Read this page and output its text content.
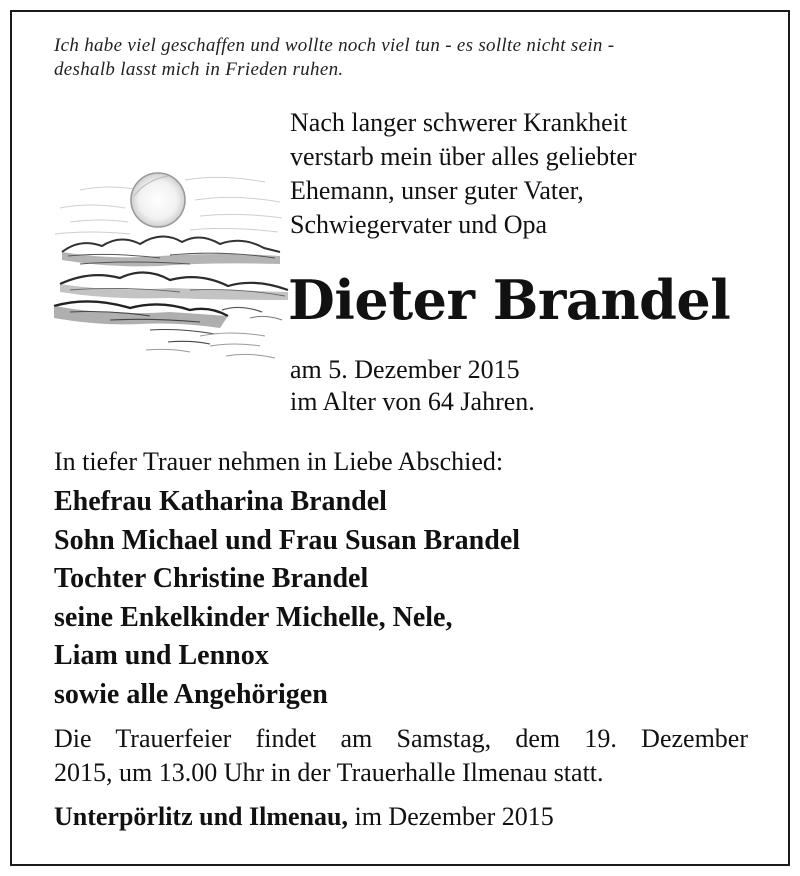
Ich habe viel geschaffen und wollte noch viel tun - es sollte nicht sein -
deshalb lasst mich in Frieden ruhen.
Nach langer schwerer Krankheit
verstarb mein über alles geliebter
Ehemann, unser guter Vater,
Schwiegervater und Opa
Dieter Brandel
am 5. Dezember 2015
im Alter von 64 Jahren.
In tiefer Trauer nehmen in Liebe Abschied:
Ehefrau Katharina Brandel
Sohn Michael und Frau Susan Brandel
Tochter Christine Brandel
seine Enkelkinder Michelle, Nele,
Liam und Lennox
sowie alle Angehörigen
Die Trauerfeier findet am Samstag, dem 19. Dezember
2015, um 13.00 Uhr in der Trauerhalle Ilmenau statt.
Unterpörlitz und Ilmenau, im Dezember 2015
